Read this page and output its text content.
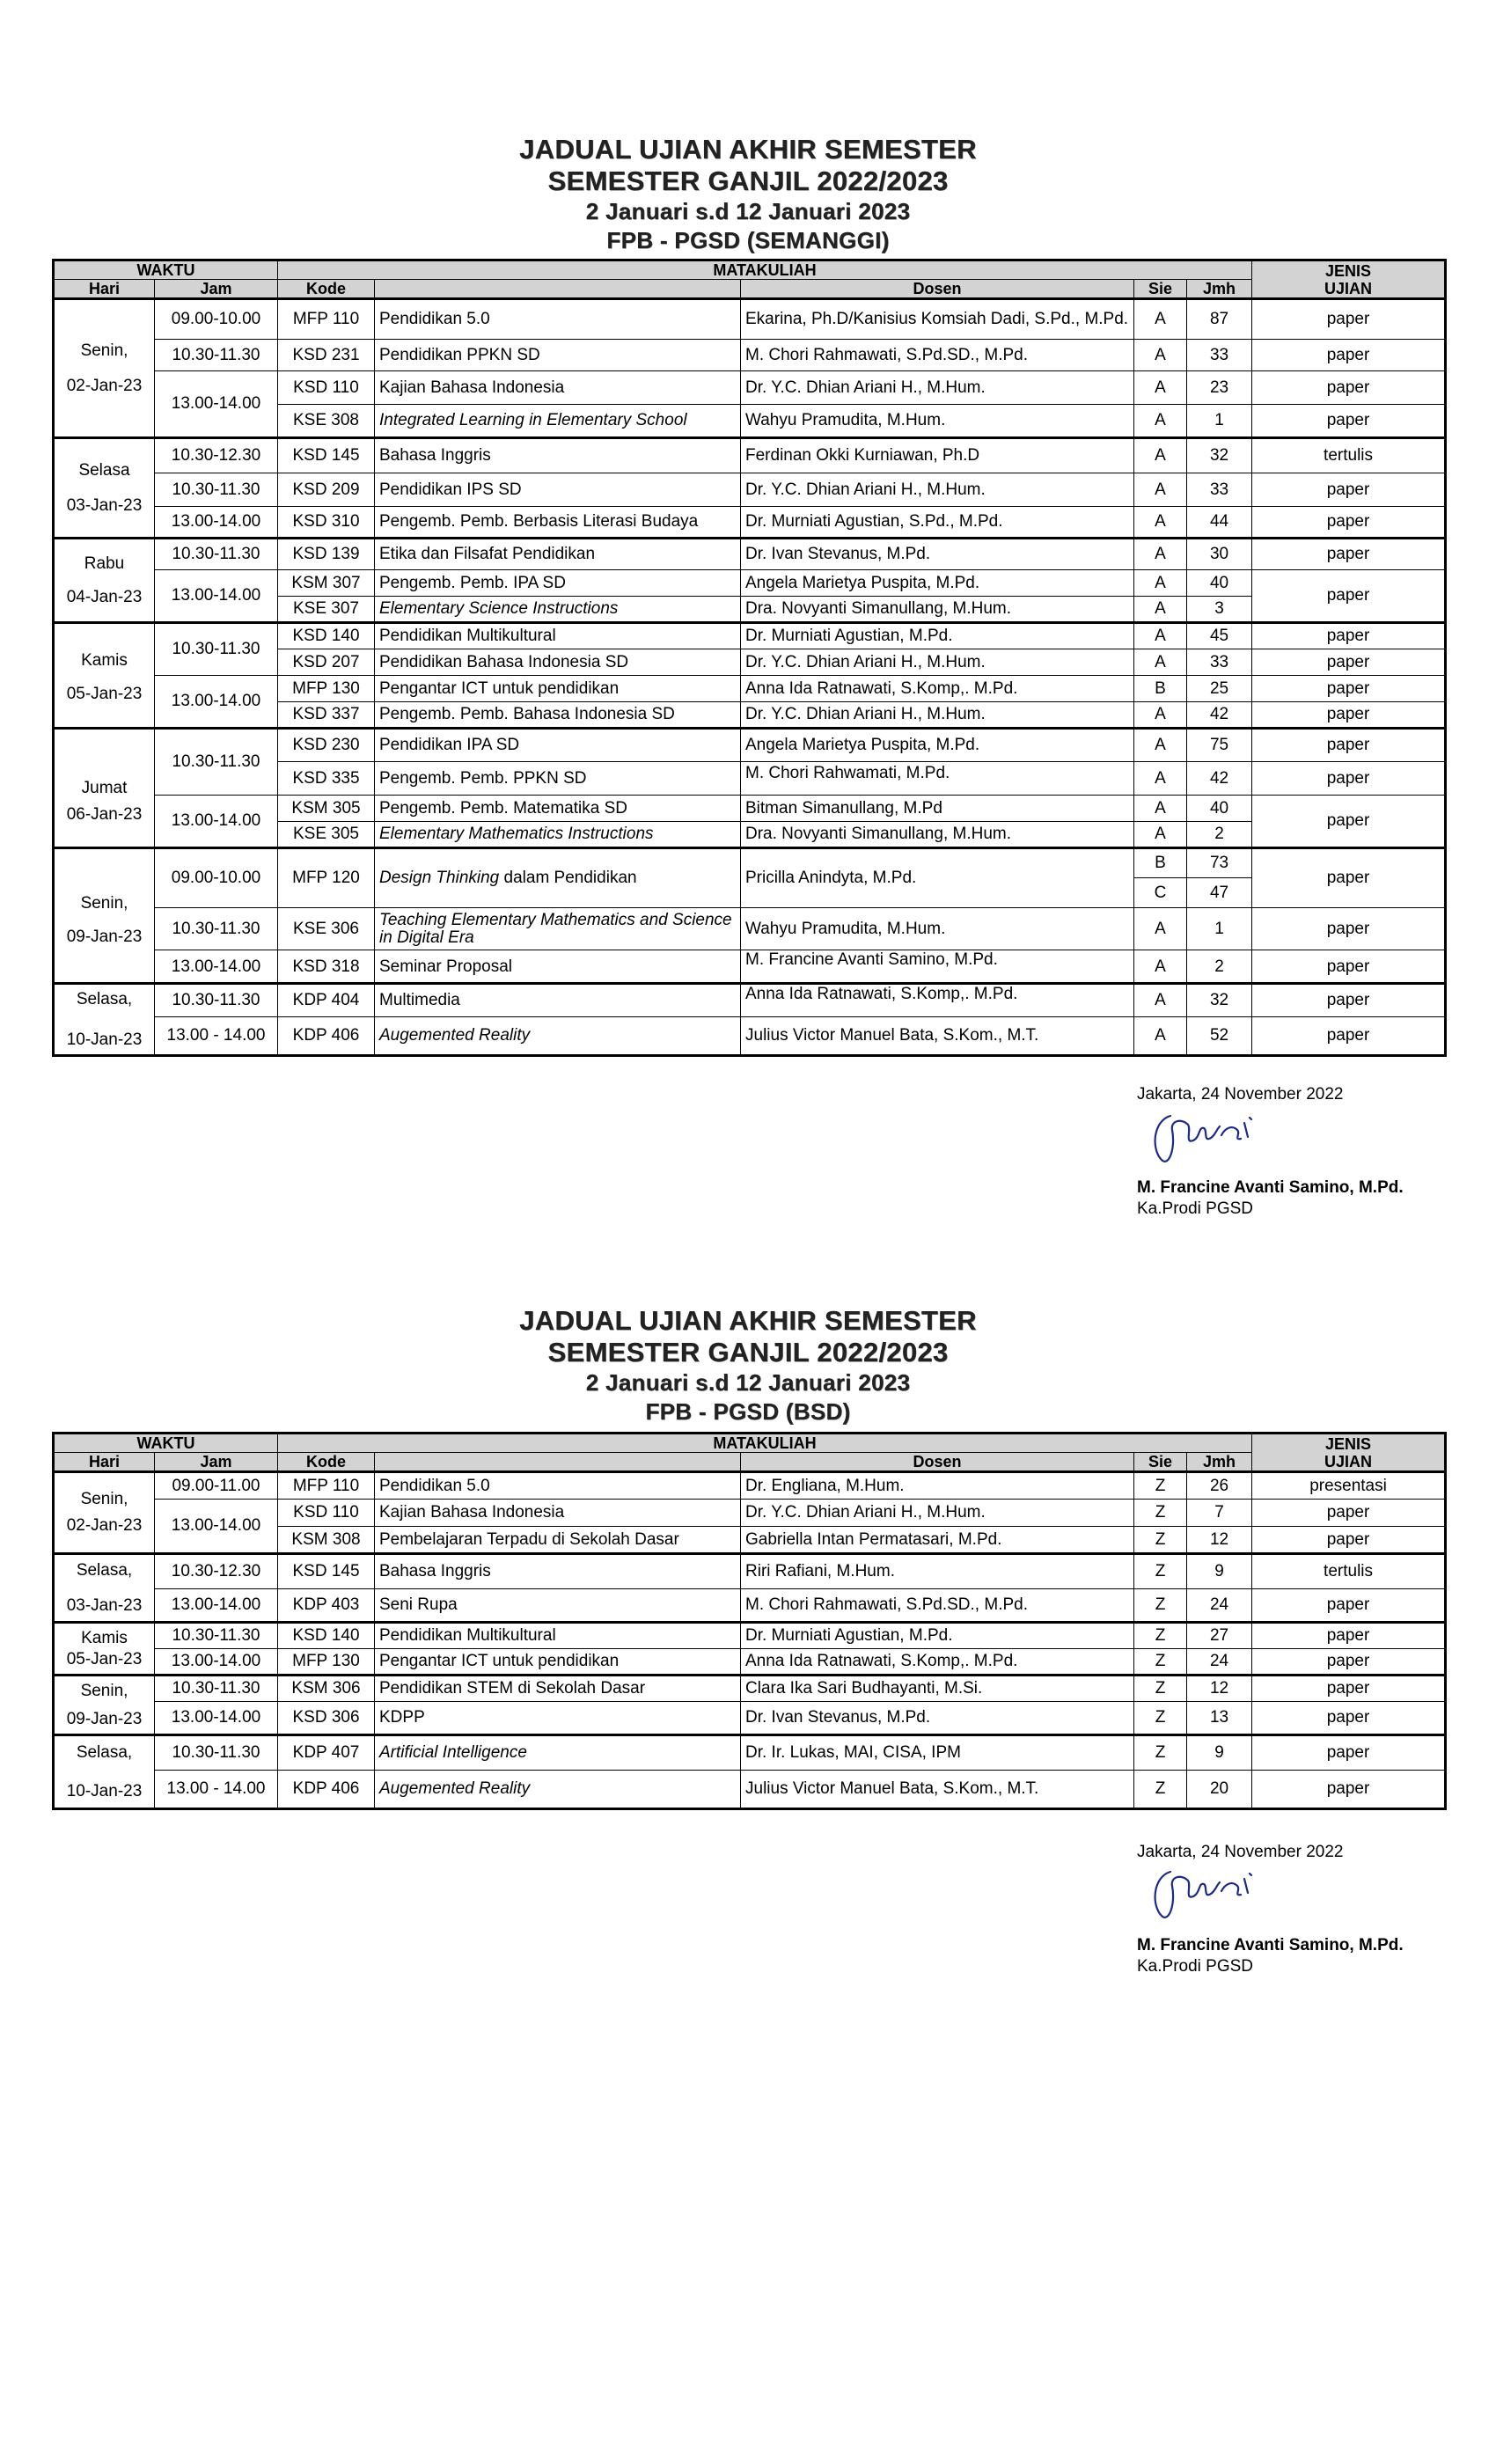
JADUAL UJIAN AKHIR SEMESTER
SEMESTER GANJIL 2022/2023
2 Januari s.d 12 Januari 2023
FPB - PGSD (SEMANGGI)
WAKTU		MATAKULIAH					JENIS
UJIAN
Hari	Jam	Kode		Dosen	Sie	Jmh	

Senin,
02-Jan-23	09.00-10.00	MFP 110	Pendidikan 5.0	Ekarina, Ph.D/Kanisius Komsiah Dadi, S.Pd., M.Pd.	A	87	paper
	10.30-11.30	KSD 231	Pendidikan PPKN SD	M. Chori Rahmawati, S.Pd.SD., M.Pd.	A	33	paper
	13.00-14.00	KSD 110	Kajian Bahasa Indonesia	Dr. Y.C. Dhian Ariani H., M.Hum.	A	23	paper
		KSE 308	Integrated Learning in Elementary School	Wahyu Pramudita, M.Hum.	A	1	paper

Selasa
03-Jan-23	10.30-12.30	KSD 145	Bahasa Inggris	Ferdinan Okki Kurniawan, Ph.D	A	32	tertulis
	10.30-11.30	KSD 209	Pendidikan IPS SD	Dr. Y.C. Dhian Ariani H., M.Hum.	A	33	paper
	13.00-14.00	KSD 310	Pengemb. Pemb. Berbasis Literasi Budaya	Dr. Murniati Agustian, S.Pd., M.Pd.	A	44	paper

Rabu
04-Jan-23	10.30-11.30	KSD 139	Etika dan Filsafat Pendidikan	Dr. Ivan Stevanus, M.Pd.	A	30	paper
	13.00-14.00	KSM 307	Pengemb. Pemb. IPA SD	Angela Marietya Puspita, M.Pd.	A	40	paper
		KSE 307	Elementary Science Instructions	Dra. Novyanti Simanullang, M.Hum.	A	3	

Kamis
05-Jan-23	10.30-11.30	KSD 140	Pendidikan Multikultural	Dr. Murniati Agustian, M.Pd.	A	45	paper
		KSD 207	Pendidikan Bahasa Indonesia SD	Dr. Y.C. Dhian Ariani H., M.Hum.	A	33	paper
	13.00-14.00	MFP 130	Pengantar ICT untuk pendidikan	Anna Ida Ratnawati, S.Komp,. M.Pd.	B	25	paper
		KSD 337	Pengemb. Pemb. Bahasa Indonesia SD	Dr. Y.C. Dhian Ariani H., M.Hum.	A	42	paper

Jumat
06-Jan-23	10.30-11.30	KSD 230	Pendidikan IPA SD	Angela Marietya Puspita, M.Pd.	A	75	paper
		KSD 335	Pengemb. Pemb. PPKN SD	M. Chori Rahwamati, M.Pd.	A	42	paper
	13.00-14.00	KSM 305	Pengemb. Pemb. Matematika SD	Bitman Simanullang, M.Pd	A	40	paper
		KSE 305	Elementary Mathematics Instructions	Dra. Novyanti Simanullang, M.Hum.	A	2	

Senin,
09-Jan-23	09.00-10.00	MFP 120	Design Thinking dalam Pendidikan	Pricilla Anindyta, M.Pd.	B	73	paper
					C	47	
	10.30-11.30	KSE 306	Teaching Elementary Mathematics and Science in Digital Era	Wahyu Pramudita, M.Hum.	A	1	paper
	13.00-14.00	KSD 318	Seminar Proposal	M. Francine Avanti Samino, M.Pd.	A	2	paper

Selasa,
10-Jan-23	10.30-11.30	KDP 404	Multimedia	Anna Ida Ratnawati, S.Komp,. M.Pd.	A	32	paper
	13.00 - 14.00	KDP 406	Augemented Reality	Julius Victor Manuel Bata, S.Kom., M.T.	A	52	paper
Jakarta, 24 November 2022
M. Francine Avanti Samino, M.Pd.
Ka.Prodi PGSD
JADUAL UJIAN AKHIR SEMESTER
SEMESTER GANJIL 2022/2023
2 Januari s.d 12 Januari 2023
FPB - PGSD (BSD)
WAKTU		MATAKULIAH					JENIS
UJIAN
Hari	Jam	Kode		Dosen	Sie	Jmh	

Senin,
02-Jan-23	09.00-11.00	MFP 110	Pendidikan 5.0	Dr. Engliana, M.Hum.	Z	26	presentasi
	13.00-14.00	KSD 110	Kajian Bahasa Indonesia	Dr. Y.C. Dhian Ariani H., M.Hum.	Z	7	paper
		KSM 308	Pembelajaran Terpadu di Sekolah Dasar	Gabriella Intan Permatasari, M.Pd.	Z	12	paper

Selasa,
03-Jan-23	10.30-12.30	KSD 145	Bahasa Inggris	Riri Rafiani, M.Hum.	Z	9	tertulis
	13.00-14.00	KDP 403	Seni Rupa	M. Chori Rahmawati, S.Pd.SD., M.Pd.	Z	24	paper

Kamis
05-Jan-23	10.30-11.30	KSD 140	Pendidikan Multikultural	Dr. Murniati Agustian, M.Pd.	Z	27	paper
	13.00-14.00	MFP 130	Pengantar ICT untuk pendidikan	Anna Ida Ratnawati, S.Komp,. M.Pd.	Z	24	paper

Senin,
09-Jan-23	10.30-11.30	KSM 306	Pendidikan STEM di Sekolah Dasar	Clara Ika Sari Budhayanti, M.Si.	Z	12	paper
	13.00-14.00	KSD 306	KDPP	Dr. Ivan Stevanus, M.Pd.	Z	13	paper

Selasa,
10-Jan-23	10.30-11.30	KDP 407	Artificial Intelligence	Dr. Ir. Lukas, MAI, CISA, IPM	Z	9	paper
	13.00 - 14.00	KDP 406	Augemented Reality	Julius Victor Manuel Bata, S.Kom., M.T.	Z	20	paper
Jakarta, 24 November 2022
M. Francine Avanti Samino, M.Pd.
Ka.Prodi PGSD
